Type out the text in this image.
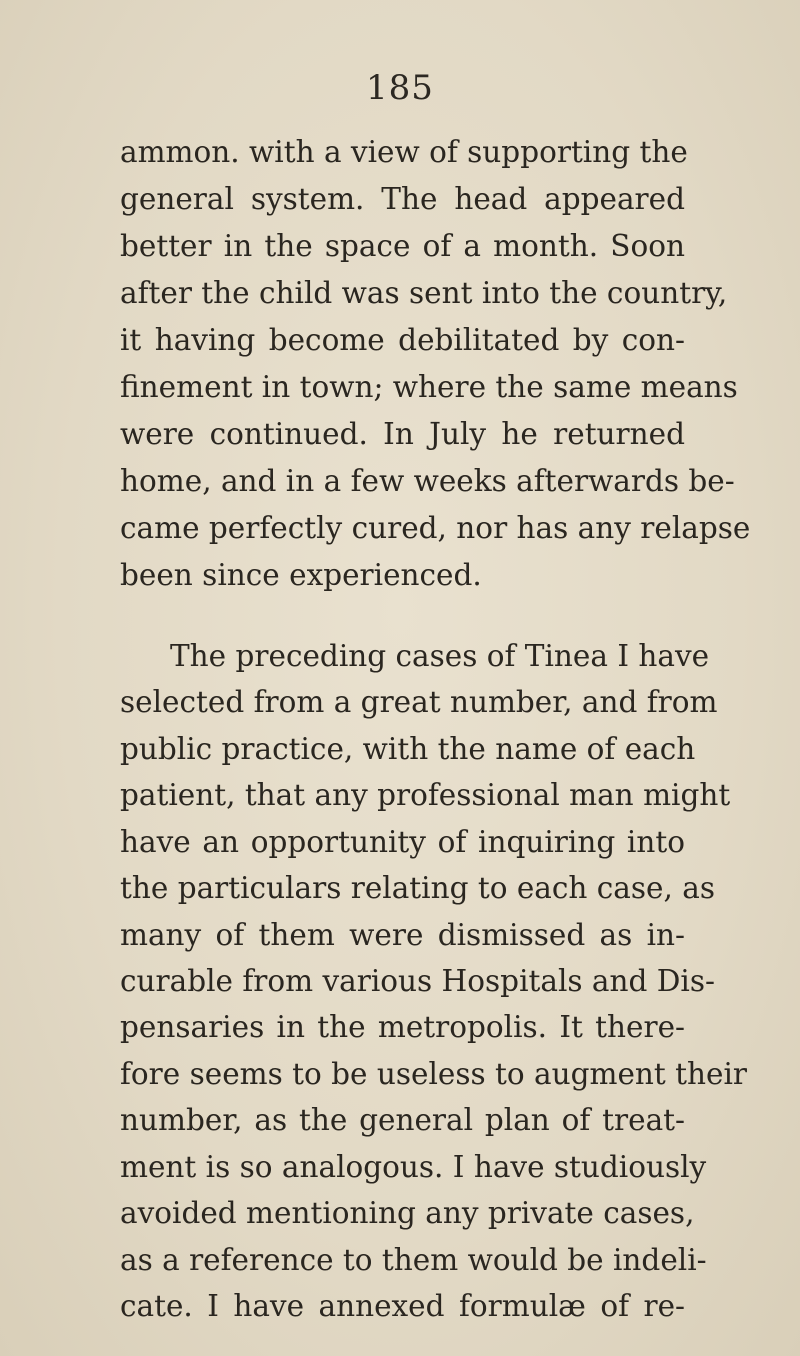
185
ammon. with a view of supporting the
general system. The head appeared
better in the space of a month. Soon
after the child was sent into the country,
it having become debilitated by con-
finement in town; where the same means
were continued. In July he returned
home, and in a few weeks afterwards be-
came perfectly cured, nor has any relapse
been since experienced.
The preceding cases of Tinea I have
selected from a great number, and from
public practice, with the name of each
patient, that any professional man might
have an opportunity of inquiring into
the particulars relating to each case, as
many of them were dismissed as in-
curable from various Hospitals and Dis-
pensaries in the metropolis. It there-
fore seems to be useless to augment their
number, as the general plan of treat-
ment is so analogous. I have studiously
avoided mentioning any private cases,
as a reference to them would be indeli-
cate. I have annexed formulæ of re-
